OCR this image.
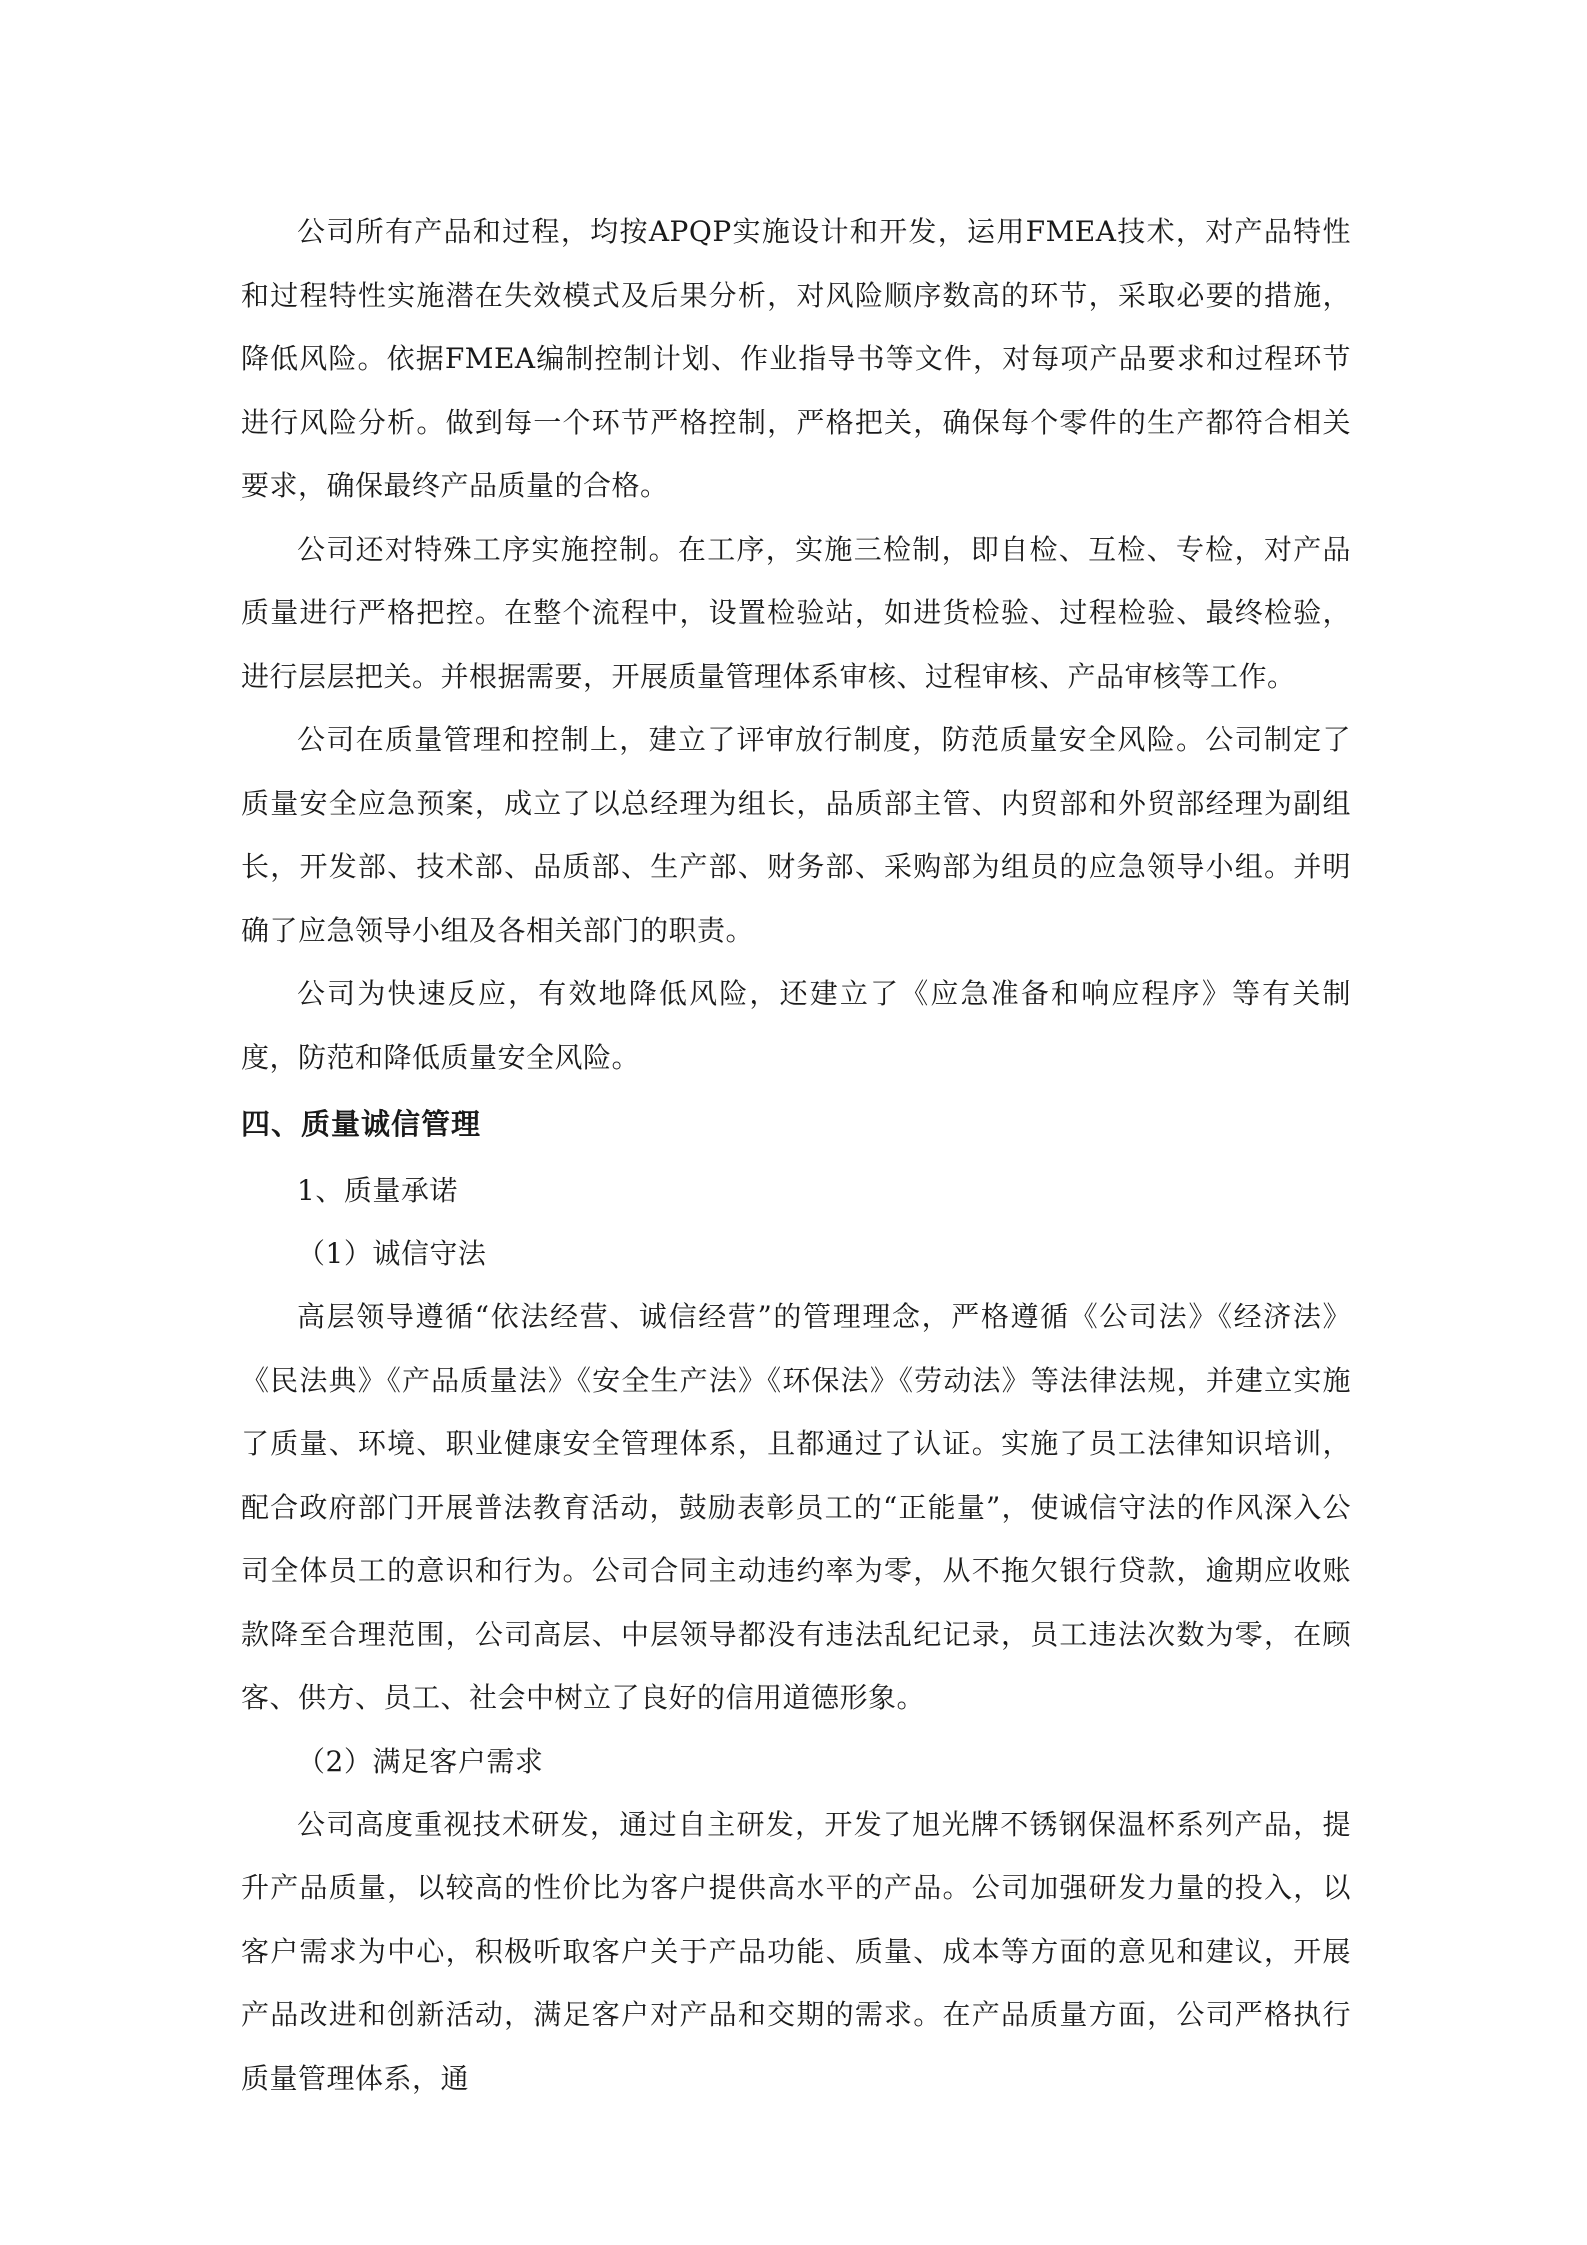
公司所有产品和过程，均按APQP实施设计和开发，运用FMEA技术，对产品特性和过程特性实施潜在失效模式及后果分析，对风险顺序数高的环节，采取必要的措施，降低风险。依据FMEA编制控制计划、作业指导书等文件，对每项产品要求和过程环节进行风险分析。做到每一个环节严格控制，严格把关，确保每个零件的生产都符合相关要求，确保最终产品质量的合格。

公司还对特殊工序实施控制。在工序，实施三检制，即自检、互检、专检，对产品质量进行严格把控。在整个流程中，设置检验站，如进货检验、过程检验、最终检验，进行层层把关。并根据需要，开展质量管理体系审核、过程审核、产品审核等工作。

公司在质量管理和控制上，建立了评审放行制度，防范质量安全风险。公司制定了质量安全应急预案，成立了以总经理为组长，品质部主管、内贸部和外贸部经理为副组长，开发部、技术部、品质部、生产部、财务部、采购部为组员的应急领导小组。并明确了应急领导小组及各相关部门的职责。

公司为快速反应，有效地降低风险，还建立了《应急准备和响应程序》等有关制度，防范和降低质量安全风险。

四、质量诚信管理

1、质量承诺

（1）诚信守法

高层领导遵循“依法经营、诚信经营”的管理理念，严格遵循《公司法》《经济法》《民法典》《产品质量法》《安全生产法》《环保法》《劳动法》等法律法规，并建立实施了质量、环境、职业健康安全管理体系，且都通过了认证。实施了员工法律知识培训，配合政府部门开展普法教育活动，鼓励表彰员工的“正能量”，使诚信守法的作风深入公司全体员工的意识和行为。公司合同主动违约率为零，从不拖欠银行贷款，逾期应收账款降至合理范围，公司高层、中层领导都没有违法乱纪记录，员工违法次数为零，在顾客、供方、员工、社会中树立了良好的信用道德形象。

（2）满足客户需求

公司高度重视技术研发，通过自主研发，开发了旭光牌不锈钢保温杯系列产品，提升产品质量，以较高的性价比为客户提供高水平的产品。公司加强研发力量的投入，以客户需求为中心，积极听取客户关于产品功能、质量、成本等方面的意见和建议，开展产品改进和创新活动，满足客户对产品和交期的需求。在产品质量方面，公司严格执行质量管理体系，通
